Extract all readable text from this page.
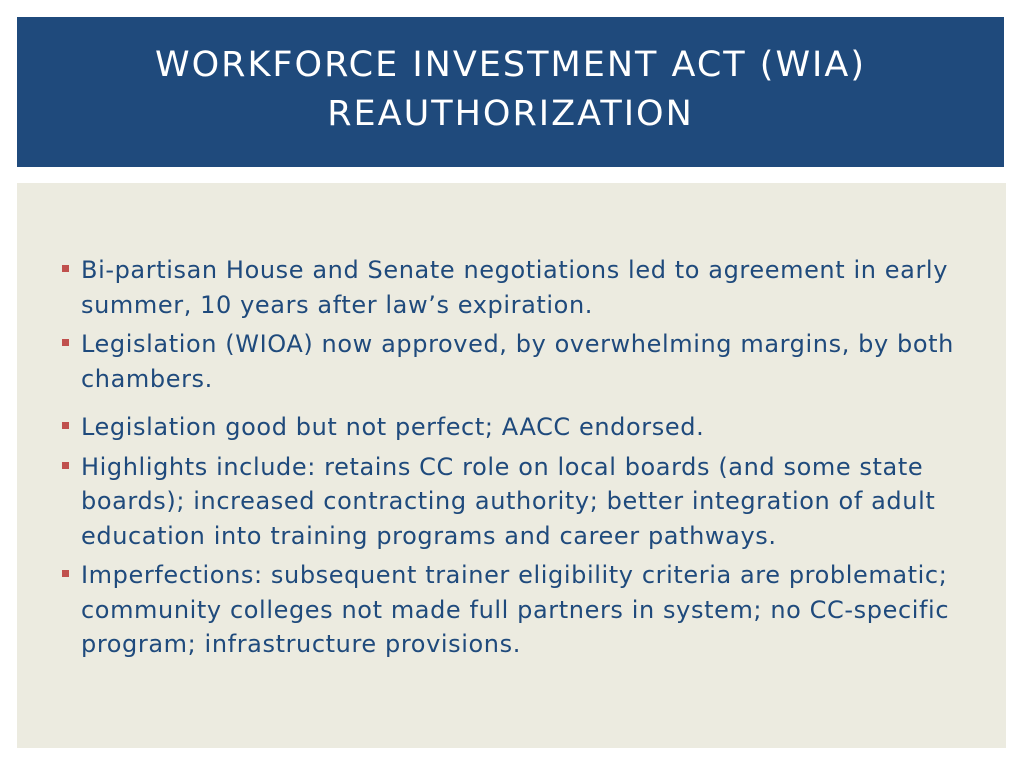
WORKFORCE INVESTMENT ACT (WIA) REAUTHORIZATION
Bi-partisan House and Senate negotiations led to agreement in early summer, 10 years after law’s expiration.
Legislation (WIOA) now approved, by overwhelming margins, by both chambers.
Legislation good but not perfect; AACC endorsed.
Highlights include: retains CC role on local boards (and some state boards); increased contracting authority; better integration of adult education into training programs and career pathways.
Imperfections: subsequent trainer eligibility criteria are problematic; community colleges not made full partners in system; no CC-specific program; infrastructure provisions.
